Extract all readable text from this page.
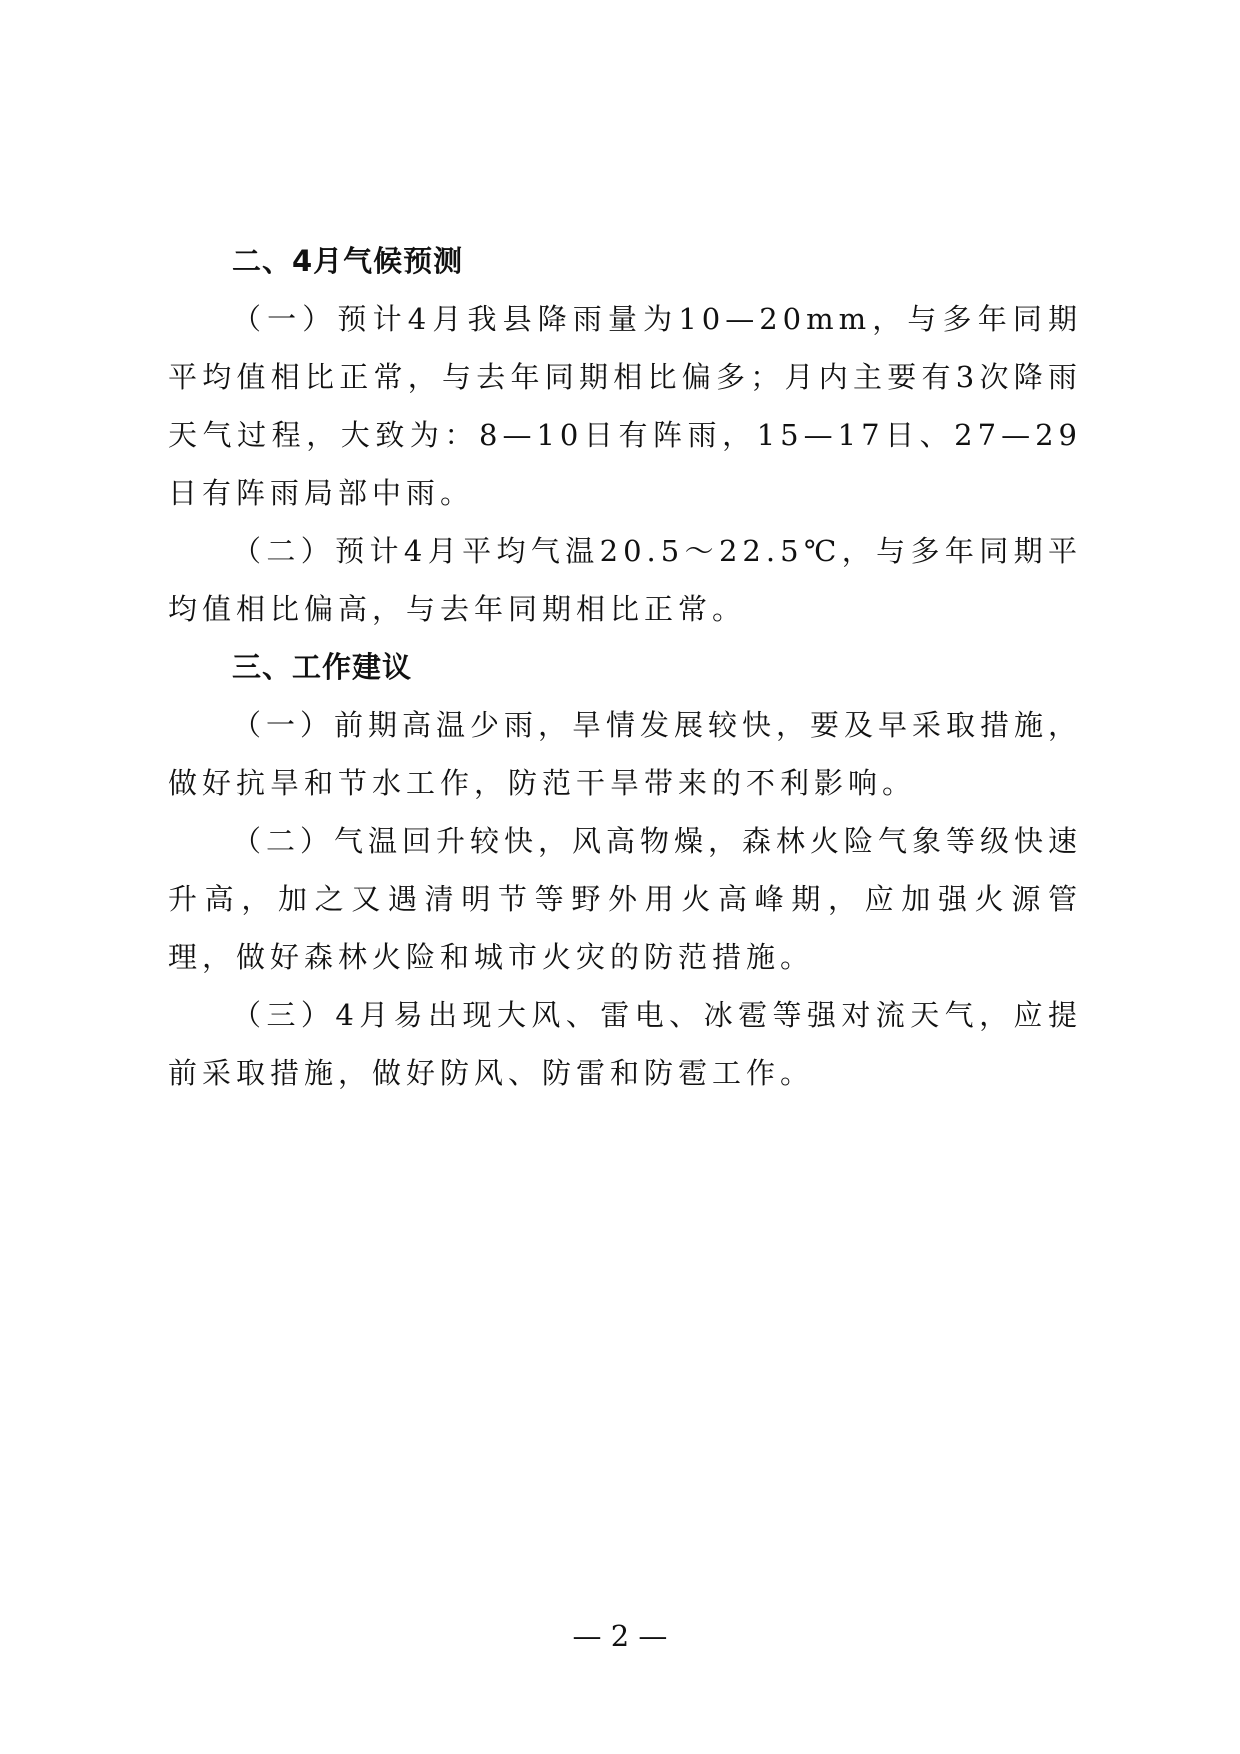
二、4月气候预测

（一）预计4月我县降雨量为10—20mm，与多年同期平均值相比正常，与去年同期相比偏多；月内主要有3次降雨天气过程，大致为：8—10日有阵雨，15—17日、27—29日有阵雨局部中雨。

（二）预计4月平均气温20.5～22.5℃，与多年同期平均值相比偏高，与去年同期相比正常。

三、工作建议

（一）前期高温少雨，旱情发展较快，要及早采取措施，做好抗旱和节水工作，防范干旱带来的不利影响。

（二）气温回升较快，风高物燥，森林火险气象等级快速升高，加之又遇清明节等野外用火高峰期，应加强火源管理，做好森林火险和城市火灾的防范措施。

（三）4月易出现大风、雷电、冰雹等强对流天气，应提前采取措施，做好防风、防雷和防雹工作。

— 2 —
